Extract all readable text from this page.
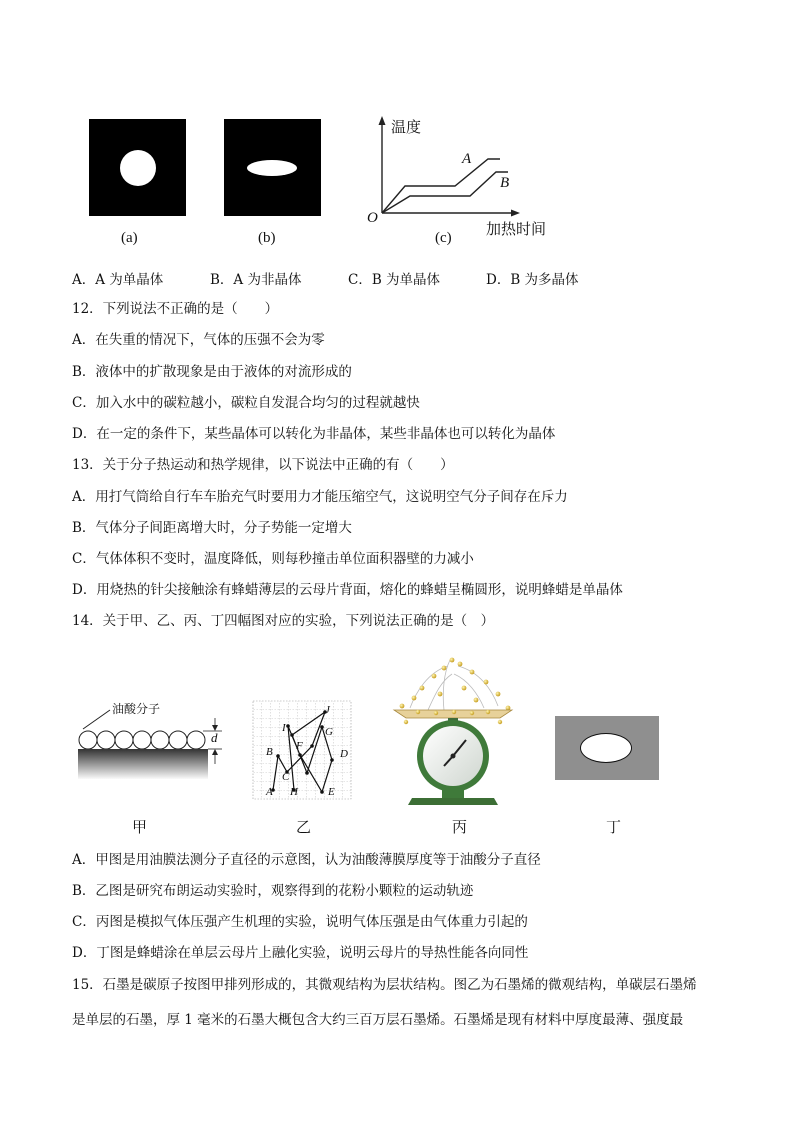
(a)	(b)
温度
加热时间
O
A
B
(c)
A．A 为单晶体	B．A 为非晶体	C．B 为单晶体	D．B 为多晶体
12．下列说法不正确的是（　　）
A．在失重的情况下，气体的压强不会为零
B．液体中的扩散现象是由于液体的对流形成的
C．加入水中的碳粒越小，碳粒自发混合均匀的过程就越快
D．在一定的条件下，某些晶体可以转化为非晶体，某些非晶体也可以转化为晶体
13．关于分子热运动和热学规律，以下说法中正确的有（　　）
A．用打气筒给自行车车胎充气时要用力才能压缩空气，这说明空气分子间存在斥力
B．气体分子间距离增大时，分子势能一定增大
C．气体体积不变时，温度降低，则每秒撞击单位面积器壁的力减小
D．用烧热的针尖接触涂有蜂蜡薄层的云母片背面，熔化的蜂蜡呈椭圆形，说明蜂蜡是单晶体
14．关于甲、乙、丙、丁四幅图对应的实验，下列说法正确的是（　）
油酸分子
d
A
B
C
D
E
F
G
H
I
J
甲	乙	丙	丁
A．甲图是用油膜法测分子直径的示意图，认为油酸薄膜厚度等于油酸分子直径
B．乙图是研究布朗运动实验时，观察得到的花粉小颗粒的运动轨迹
C．丙图是模拟气体压强产生机理的实验，说明气体压强是由气体重力引起的
D．丁图是蜂蜡涂在单层云母片上融化实验，说明云母片的导热性能各向同性
15．石墨是碳原子按图甲排列形成的，其微观结构为层状结构。图乙为石墨烯的微观结构，单碳层石墨烯
是单层的石墨，厚 1 毫米的石墨大概包含大约三百万层石墨烯。石墨烯是现有材料中厚度最薄、强度最
